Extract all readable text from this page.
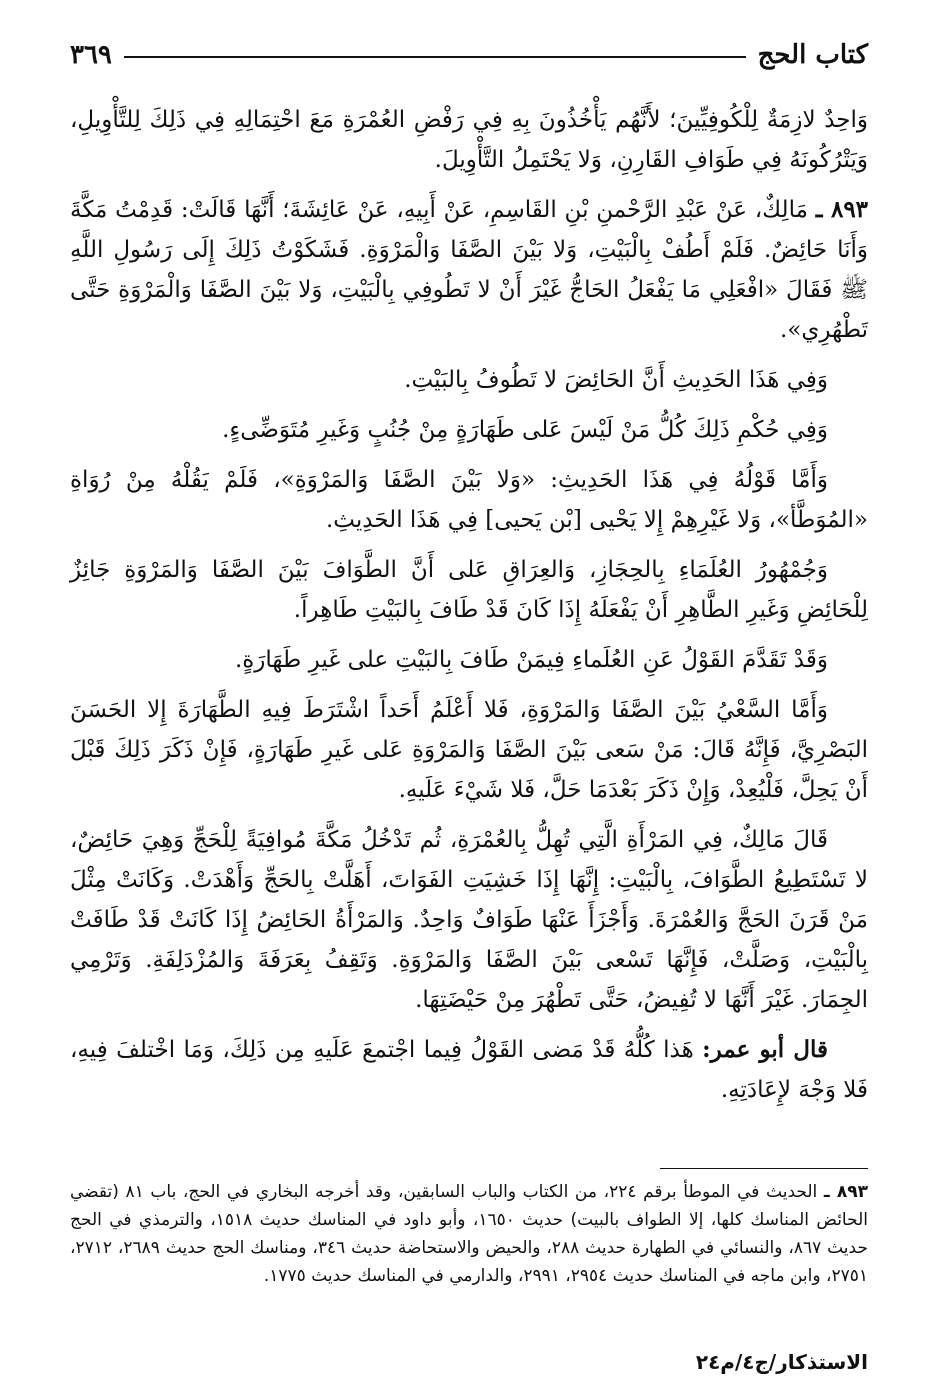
كتاب الحج
٣٦٩

وَاحِدٌ لازِمَةٌ لِلْكُوفِيِّينَ؛ لأَنَّهُم يَأْخُذُونَ بِهِ فِي رَفْضِ العُمْرَةِ مَعَ احْتِمَالِهِ فِي ذَلِكَ لِلتَّأْوِيلِ، وَيَتْرُكُونَهُ فِي طَوَافِ القَارِنِ، وَلا يَحْتَمِلُ التَّأْوِيلَ.

٨٩٣ ـ مَالِكٌ، عَنْ عَبْدِ الرَّحْمنِ بْنِ القَاسِمِ، عَنْ أَبِيهِ، عَنْ عَائِشَةَ؛ أَنَّهَا قَالَتْ: قَدِمْتُ مَكَّةَ وَأَنَا حَائِضٌ. فَلَمْ أَطُفْ بِالْبَيْتِ، وَلا بَيْنَ الصَّفَا وَالْمَرْوَةِ. فَشَكَوْتُ ذَلِكَ إِلَى رَسُولِ اللَّهِ ﷺ فَقَالَ «افْعَلِي مَا يَفْعَلُ الحَاجُّ غَيْرَ أَنْ لا تَطُوفِي بِالْبَيْتِ، وَلا بَيْنَ الصَّفَا وَالْمَرْوَةِ حَتَّى تَطْهُرِي».

وَفِي هَذَا الحَدِيثِ أَنَّ الحَائِضَ لا تَطُوفُ بِالبَيْتِ.

وَفِي حُكْمِ ذَلِكَ كُلُّ مَنْ لَيْسَ عَلى طَهَارَةٍ مِنْ جُنُبٍ وَغَيرِ مُتَوَضِّىءٍ.

وَأَمَّا قَوْلُهُ فِي هَذَا الحَدِيثِ: «وَلا بَيْنَ الصَّفَا وَالمَرْوَةِ»، فَلَمْ يَقُلْهُ مِنْ رُوَاةِ «المُوَطَّأ»، وَلا غَيْرِهِمْ إِلا يَحْيى [بْن يَحيى] فِي هَذَا الحَدِيثِ.

وَجُمْهُورُ العُلَمَاءِ بِالحِجَازِ، وَالعِرَاقِ عَلى أَنَّ الطَّوَافَ بَيْنَ الصَّفَا وَالمَرْوَةِ جَائِزٌ لِلْحَائِضِ وَغَيرِ الطَّاهِرِ أَنْ يَفْعَلَهُ إِذَا كَانَ قَدْ طَافَ بِالبَيْتِ طَاهِراً.

وَقَدْ تَقَدَّمَ القَوْلُ عَنِ العُلَماءِ فِيمَنْ طَافَ بِالبَيْتِ على غَيرِ طَهَارَةٍ.

وَأَمَّا السَّعْيُ بَيْنَ الصَّفَا وَالمَرْوَةِ، فَلا أَعْلَمُ أَحَداً اشْتَرَطَ فِيهِ الطَّهَارَةَ إِلا الحَسَنَ البَصْرِيَّ، فَإِنَّهُ قَالَ: مَنْ سَعى بَيْنَ الصَّفَا وَالمَرْوَةِ عَلى غَيرِ طَهَارَةٍ، فَإِنْ ذَكَرَ ذَلِكَ قَبْلَ أَنْ يَحِلَّ، فَلْيُعِدْ، وَإِنْ ذَكَرَ بَعْدَمَا حَلَّ، فَلا شَيْءَ عَلَيهِ.

قَالَ مَالِكٌ، فِي المَرْأَةِ الَّتِي تُهِلُّ بِالعُمْرَةِ، ثُم تَدْخُلُ مَكَّةَ مُوافِيَةً لِلْحَجِّ وَهِيَ حَائِضٌ، لا تَسْتَطِيعُ الطَّوَافَ، بِالْبَيْتِ: إِنَّهَا إِذَا خَشِيَتِ الفَوَاتَ، أَهَلَّتْ بِالحَجِّ وَأَهْدَتْ. وَكَانَتْ مِثْلَ مَنْ قَرَنَ الحَجَّ وَالعُمْرَةَ. وَأَجْزَأَ عَنْهَا طَوَافٌ وَاحِدٌ. وَالمَرْأَةُ الحَائِضُ إِذَا كَانَتْ قَدْ طَافَتْ بِالْبَيْتِ، وَصَلَّتْ، فَإِنَّهَا تَسْعى بَيْنَ الصَّفَا وَالمَرْوَةِ. وَتَقِفُ بِعَرَفَةَ وَالمُزْدَلِفَةِ. وَتَرْمِي الجِمَارَ. غَيْرَ أَنَّهَا لا تُفِيضُ، حَتَّى تَطْهُرَ مِنْ حَيْضَتِهَا.

قال أبو عمر: هَذا كُلُّهُ قَدْ مَضى القَوْلُ فِيما اجْتمعَ عَلَيهِ مِن ذَلِكَ، وَمَا اخْتلفَ فِيهِ، فَلا وَجْهَ لإِعَادَتِهِ.

٨٩٣ ـ الحديث في الموطأ برقم ٢٢٤، من الكتاب والباب السابقين، وقد أخرجه البخاري في الحج، باب ٨١ (تقضي الحائض المناسك كلها، إلا الطواف بالبيت) حديث ١٦٥٠، وأبو داود في المناسك حديث ١٥١٨، والترمذي في الحج حديث ٨٦٧، والنسائي في الطهارة حديث ٢٨٨، والحيض والاستحاضة حديث ٣٤٦، ومناسك الحج حديث ٢٦٨٩، ٢٧١٢، ٢٧٥١، وابن ماجه في المناسك حديث ٢٩٥٤، ٢٩٩١، والدارمي في المناسك حديث ١٧٧٥.
الاستذكار/ج٤/م٢٤
